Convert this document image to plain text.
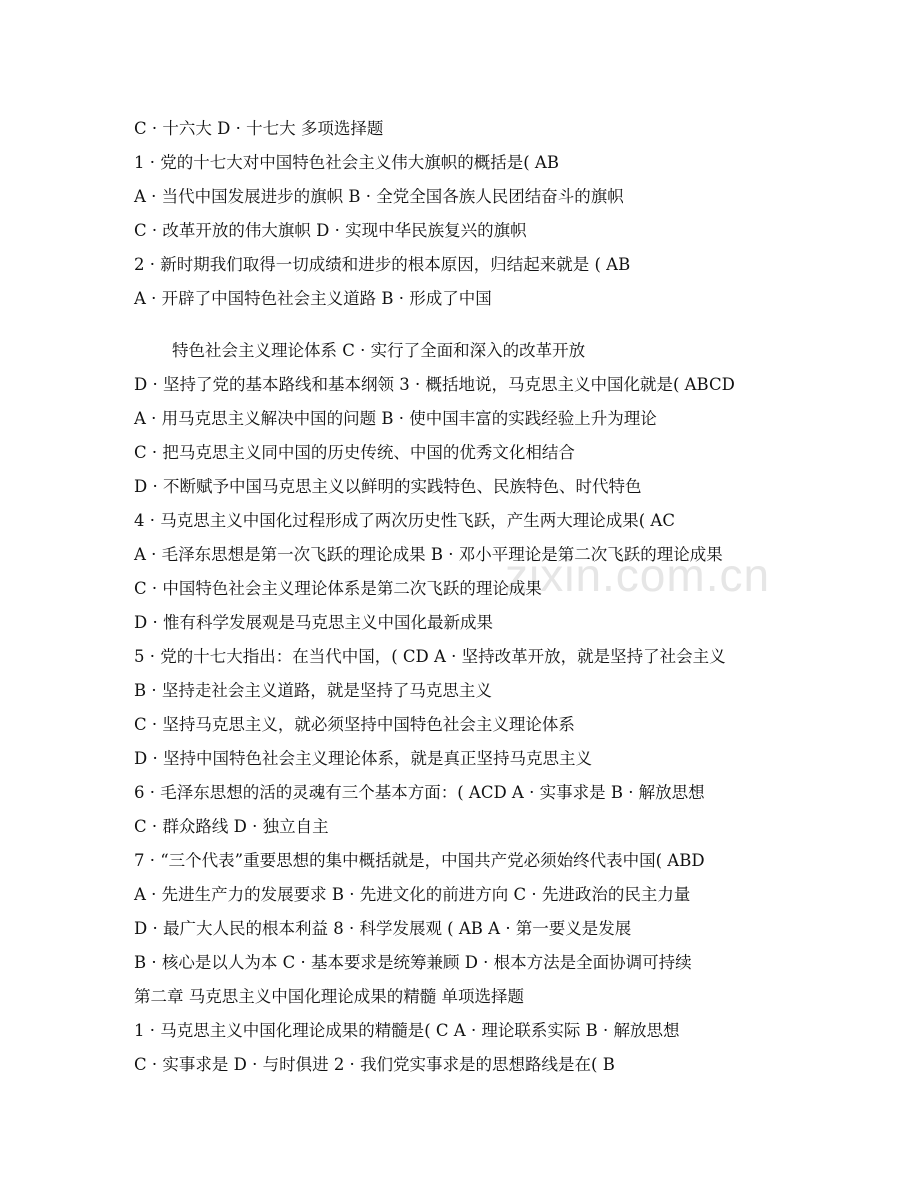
zixin.com.cn
C · 十六大 D · 十七大 多项选择题
1 · 党的十七大对中国特色社会主义伟大旗帜的概括是( AB
A · 当代中国发展进步的旗帜 B · 全党全国各族人民团结奋斗的旗帜
C · 改革开放的伟大旗帜 D · 实现中华民族复兴的旗帜
2 · 新时期我们取得一切成绩和进步的根本原因，归结起来就是 ( AB
A · 开辟了中国特色社会主义道路 B · 形成了中国
特色社会主义理论体系 C · 实行了全面和深入的改革开放
D · 坚持了党的基本路线和基本纲领 3 · 概括地说，马克思主义中国化就是( ABCD
A · 用马克思主义解决中国的问题 B · 使中国丰富的实践经验上升为理论
C · 把马克思主义同中国的历史传统、中国的优秀文化相结合
D · 不断赋予中国马克思主义以鲜明的实践特色、民族特色、时代特色
4 · 马克思主义中国化过程形成了两次历史性飞跃，产生两大理论成果( AC
A · 毛泽东思想是第一次飞跃的理论成果 B · 邓小平理论是第二次飞跃的理论成果
C · 中国特色社会主义理论体系是第二次飞跃的理论成果
D · 惟有科学发展观是马克思主义中国化最新成果
5 · 党的十七大指出：在当代中国，( CD A · 坚持改革开放，就是坚持了社会主义
B · 坚持走社会主义道路，就是坚持了马克思主义
C · 坚持马克思主义，就必须坚持中国特色社会主义理论体系
D · 坚持中国特色社会主义理论体系，就是真正坚持马克思主义
6 · 毛泽东思想的活的灵魂有三个基本方面：( ACD A · 实事求是 B · 解放思想
C · 群众路线 D · 独立自主
7 · “三个代表”重要思想的集中概括就是，中国共产党必须始终代表中国( ABD
A · 先进生产力的发展要求 B · 先进文化的前进方向 C · 先进政治的民主力量
D · 最广大人民的根本利益 8 · 科学发展观 ( AB A · 第一要义是发展
B · 核心是以人为本 C · 基本要求是统筹兼顾 D · 根本方法是全面协调可持续
第二章 马克思主义中国化理论成果的精髓 单项选择题
1 · 马克思主义中国化理论成果的精髓是( C A · 理论联系实际 B · 解放思想
C · 实事求是 D · 与时俱进 2 · 我们党实事求是的思想路线是在( B
